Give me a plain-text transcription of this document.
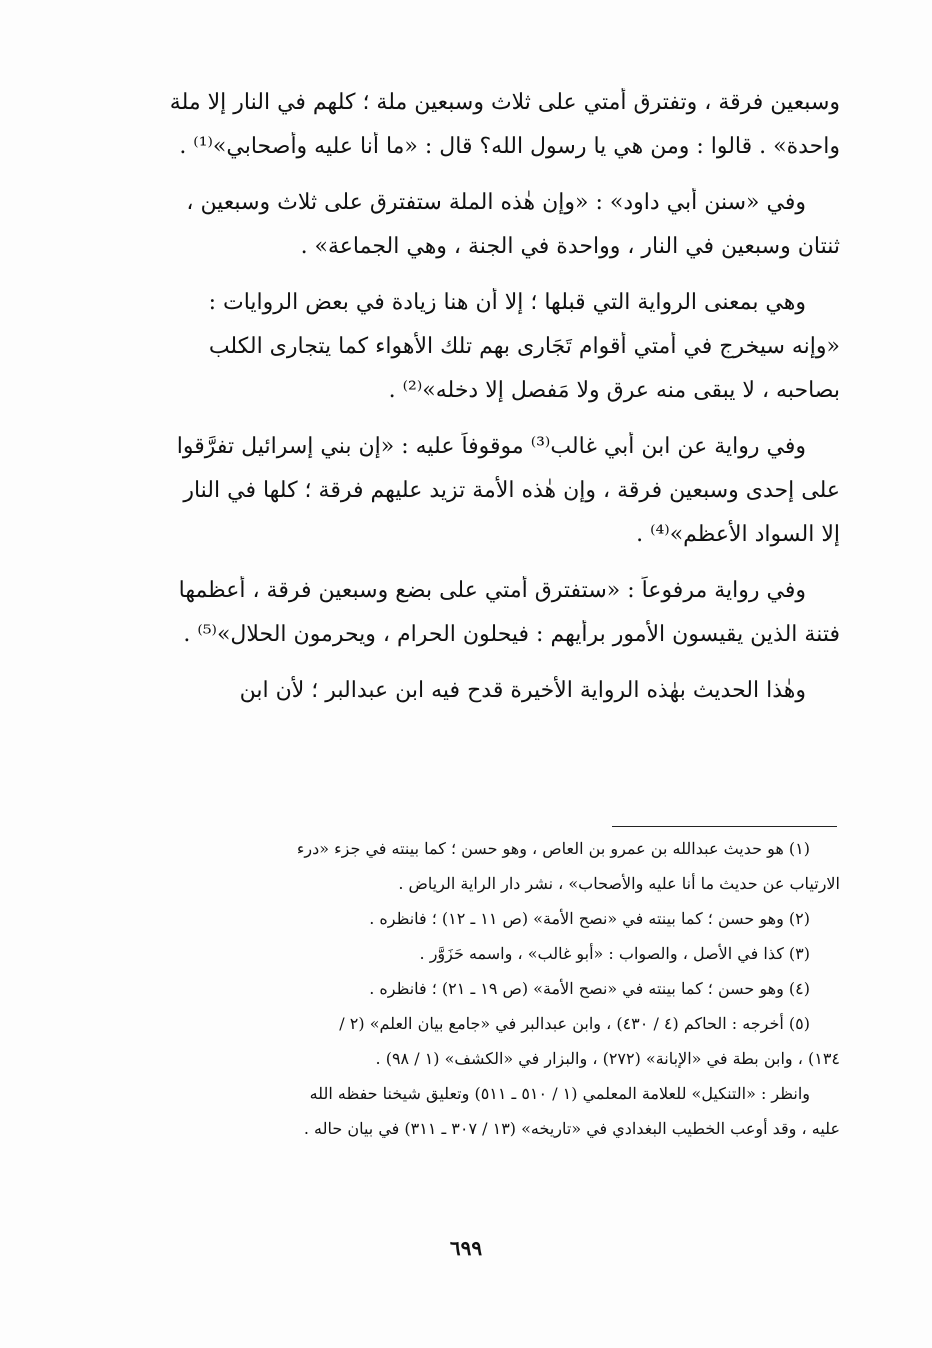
وسبعين فرقة ، وتفترق أمتي على ثلاث وسبعين ملة ؛ كلهم في النار إلا ملة
واحدة» . قالوا : ومن هي يا رسول الله؟ قال : «ما أنا عليه وأصحابي»⁽¹⁾ .
وفي «سنن أبي داود» : «وإن هٰذه الملة ستفترق على ثلاث وسبعين ،
ثنتان وسبعين في النار ، وواحدة في الجنة ، وهي الجماعة» .
وهي بمعنى الرواية التي قبلها ؛ إلا أن هنا زيادة في بعض الروايات :
«وإنه سيخرج في أمتي أقوام تَجَارى بهم تلك الأهواء كما يتجارى الكلب
بصاحبه ، لا يبقى منه عرق ولا مَفصل إلا دخله»⁽²⁾ .
وفي رواية عن ابن أبي غالب⁽³⁾ موقوفاً عليه : «إن بني إسرائيل تفرَّقوا
على إحدى وسبعين فرقة ، وإن هٰذه الأمة تزيد عليهم فرقة ؛ كلها في النار
إلا السواد الأعظم»⁽⁴⁾ .
وفي رواية مرفوعاً : «ستفترق أمتي على بضع وسبعين فرقة ، أعظمها
فتنة الذين يقيسون الأمور برأيهم : فيحلون الحرام ، ويحرمون الحلال»⁽⁵⁾ .
وهٰذا الحديث بهٰذه الرواية الأخيرة قدح فيه ابن عبدالبر ؛ لأن ابن
(١) هو حديث عبدالله بن عمرو بن العاص ، وهو حسن ؛ كما بينته في جزء «درء
الارتياب عن حديث ما أنا عليه والأصحاب» ، نشر دار الراية الرياض .
(٢) وهو حسن ؛ كما بينته في «نصح الأمة» (ص ١١ ـ ١٢) ؛ فانظره .
(٣) كذا في الأصل ، والصواب : «أبو غالب» ، واسمه حَزَوَّر .
(٤) وهو حسن ؛ كما بينته في «نصح الأمة» (ص ١٩ ـ ٢١) ؛ فانظره .
(٥) أخرجه : الحاكم (٤ / ٤٣٠) ، وابن عبدالبر في «جامع بيان العلم» (٢ /
١٣٤) ، وابن بطة في «الإبانة» (٢٧٢) ، والبزار في «الكشف» (١ / ٩٨) .
وانظر : «التنكيل» للعلامة المعلمي (١ / ٥١٠ ـ ٥١١) وتعليق شيخنا حفظه الله
عليه ، وقد أوعب الخطيب البغدادي في «تاريخه» (١٣ / ٣٠٧ ـ ٣١١) في بيان حاله .
٦٩٩
